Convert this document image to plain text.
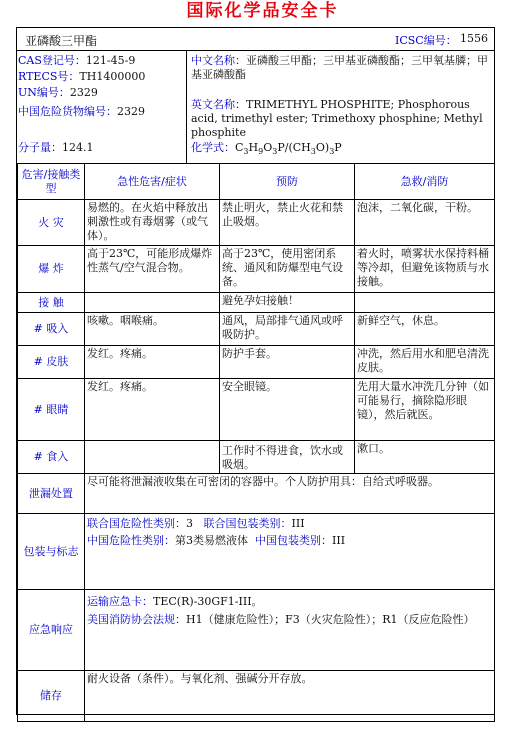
国际化学品安全卡
亚磷酸三甲酯	ICSC编号： 1556
CAS登记号：121-45-9
RTECS号：TH1400000
UN编号：2329
中国危险货物编号：2329
分子量：124.1
中文名称：亚磷酸三甲酯；三甲基亚磷酸酯；三甲氧基膦；甲基亚磷酸酯
英文名称：TRIMETHYL PHOSPHITE; Phosphorous acid, trimethyl ester; Trimethoxy phosphine; Methyl phosphite
化学式：$C_3H_9O_3P/(CH_3O)_3P$
危害/接触类型	急性危害/症状	预防	急救/消防
火 灾	易燃的。在火焰中释放出刺激性或有毒烟雾（或气体）。	禁止明火，禁止火花和禁止吸烟。	泡沫，二氧化碳，干粉。
爆 炸	高于23℃，可能形成爆炸性蒸气/空气混合物。	高于23℃，使用密闭系统、通风和防爆型电气设备。	着火时，喷雾状水保持料桶等冷却，但避免该物质与水接触。
接 触		避免孕妇接触！	
# 吸入	咳嗽。咽喉痛。	通风，局部排气通风或呼吸防护。	新鲜空气，休息。
# 皮肤	发红。疼痛。	防护手套。	冲洗，然后用水和肥皂清洗皮肤。
# 眼睛	发红。疼痛。	安全眼镜。	先用大量水冲洗几分钟（如可能易行，摘除隐形眼镜），然后就医。
# 食入		工作时不得进食，饮水或吸烟。	漱口。
泄漏处置	尽可能将泄漏液收集在可密闭的容器中。个人防护用具：自给式呼吸器。		
包装与标志	联合国危险性类别：3 联合国包装类别：III
中国危险性类别：第3类易燃液体 中国包装类别：III		

应急响应	运输应急卡：TEC(R)-30GF1-III。
美国消防协会法规：H1（健康危险性）；F3（火灾危险性）；R1（反应危险性）		

储存	耐火设备（条件）。与氧化剂、强碱分开存放。		
